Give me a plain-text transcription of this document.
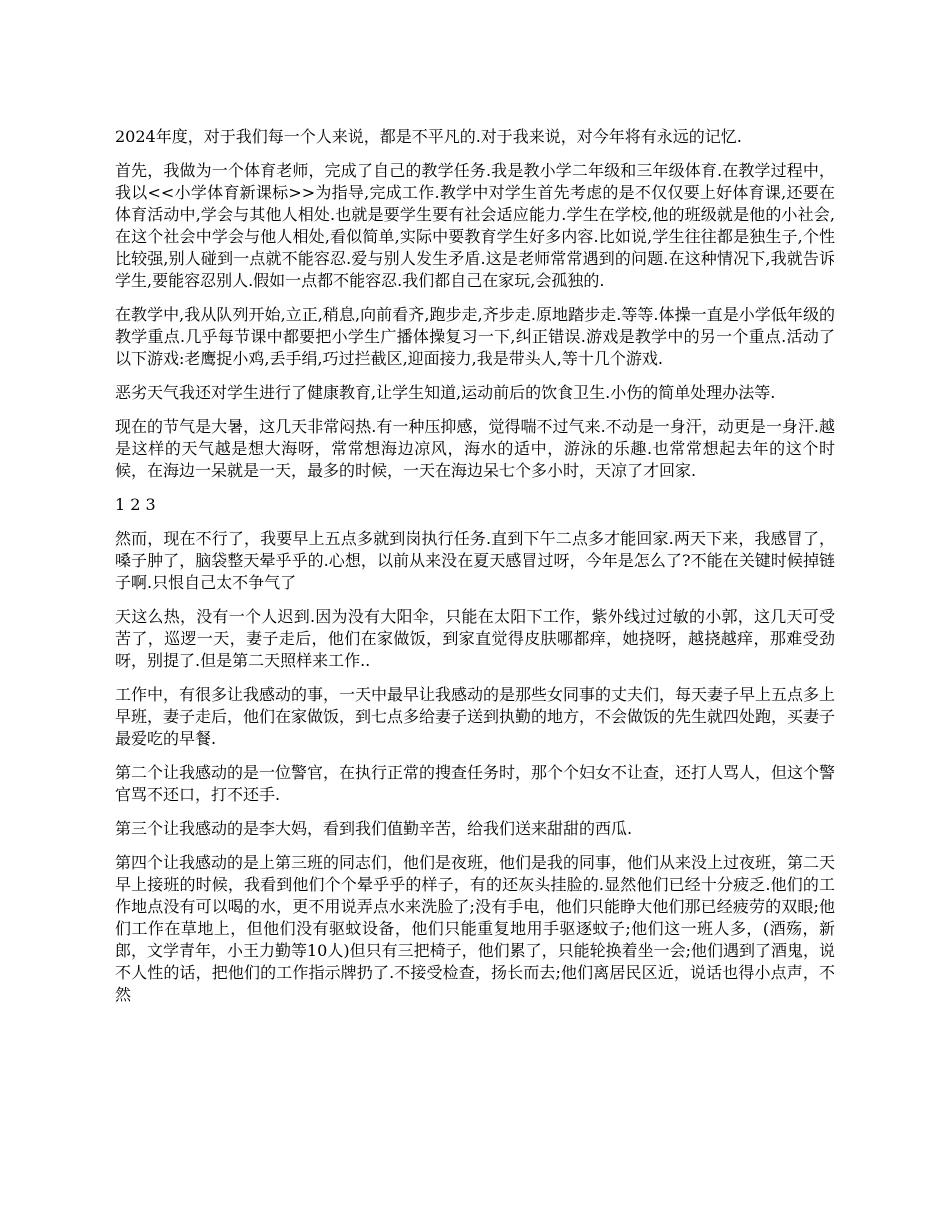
2024年度，对于我们每一个人来说，都是不平凡的.对于我来说，对今年将有永远的记忆.

首先，我做为一个体育老师，完成了自己的教学任务.我是教小学二年级和三年级体育.在教学过程中，我以<<小学体育新课标>>为指导,完成工作.教学中对学生首先考虑的是不仅仅要上好体育课,还要在体育活动中,学会与其他人相处.也就是要学生要有社会适应能力.学生在学校,他的班级就是他的小社会,在这个社会中学会与他人相处,看似简单,实际中要教育学生好多内容.比如说,学生往往都是独生子,个性比较强,别人碰到一点就不能容忍.爱与别人发生矛盾.这是老师常常遇到的问题.在这种情况下,我就告诉学生,要能容忍别人.假如一点都不能容忍.我们都自己在家玩,会孤独的.

在教学中,我从队列开始,立正,稍息,向前看齐,跑步走,齐步走.原地踏步走.等等.体操一直是小学低年级的教学重点.几乎每节课中都要把小学生广播体操复习一下,纠正错误.游戏是教学中的另一个重点.活动了以下游戏:老鹰捉小鸡,丢手绢,巧过拦截区,迎面接力,我是带头人,等十几个游戏.

恶劣天气我还对学生进行了健康教育,让学生知道,运动前后的饮食卫生.小伤的简单处理办法等.

现在的节气是大暑，这几天非常闷热.有一种压抑感，觉得喘不过气来.不动是一身汗，动更是一身汗.越是这样的天气越是想大海呀，常常想海边凉风，海水的适中，游泳的乐趣.也常常想起去年的这个时候，在海边一呆就是一天，最多的时候，一天在海边呆七个多小时，天凉了才回家.

1 2 3

然而，现在不行了，我要早上五点多就到岗执行任务.直到下午二点多才能回家.两天下来，我感冒了，嗓子肿了，脑袋整天晕乎乎的.心想，以前从来没在夏天感冒过呀，今年是怎么了?不能在关键时候掉链子啊.只恨自己太不争气了

天这么热，没有一个人迟到.因为没有大阳伞，只能在太阳下工作，紫外线过过敏的小郭，这几天可受苦了，巡逻一天，妻子走后，他们在家做饭，到家直觉得皮肤哪都痒，她挠呀，越挠越痒，那难受劲呀，别提了.但是第二天照样来工作..

工作中，有很多让我感动的事，一天中最早让我感动的是那些女同事的丈夫们，每天妻子早上五点多上早班，妻子走后，他们在家做饭，到七点多给妻子送到执勤的地方，不会做饭的先生就四处跑，买妻子最爱吃的早餐.

第二个让我感动的是一位警官，在执行正常的搜查任务时，那个个妇女不让查，还打人骂人，但这个警官骂不还口，打不还手.

第三个让我感动的是李大妈，看到我们值勤辛苦，给我们送来甜甜的西瓜.

第四个让我感动的是上第三班的同志们，他们是夜班，他们是我的同事，他们从来没上过夜班，第二天早上接班的时候，我看到他们个个晕乎乎的样子，有的还灰头挂脸的.显然他们已经十分疲乏.他们的工作地点没有可以喝的水，更不用说弄点水来洗脸了;没有手电，他们只能睁大他们那已经疲劳的双眼;他们工作在草地上，但他们没有驱蚊设备，他们只能重复地用手驱逐蚊子;他们这一班人多，(酒殇，新郎，文学青年，小王力勤等10人)但只有三把椅子，他们累了，只能轮换着坐一会;他们遇到了酒鬼，说不人性的话，把他们的工作指示牌扔了.不接受检查，扬长而去;他们离居民区近，说话也得小点声，不然
